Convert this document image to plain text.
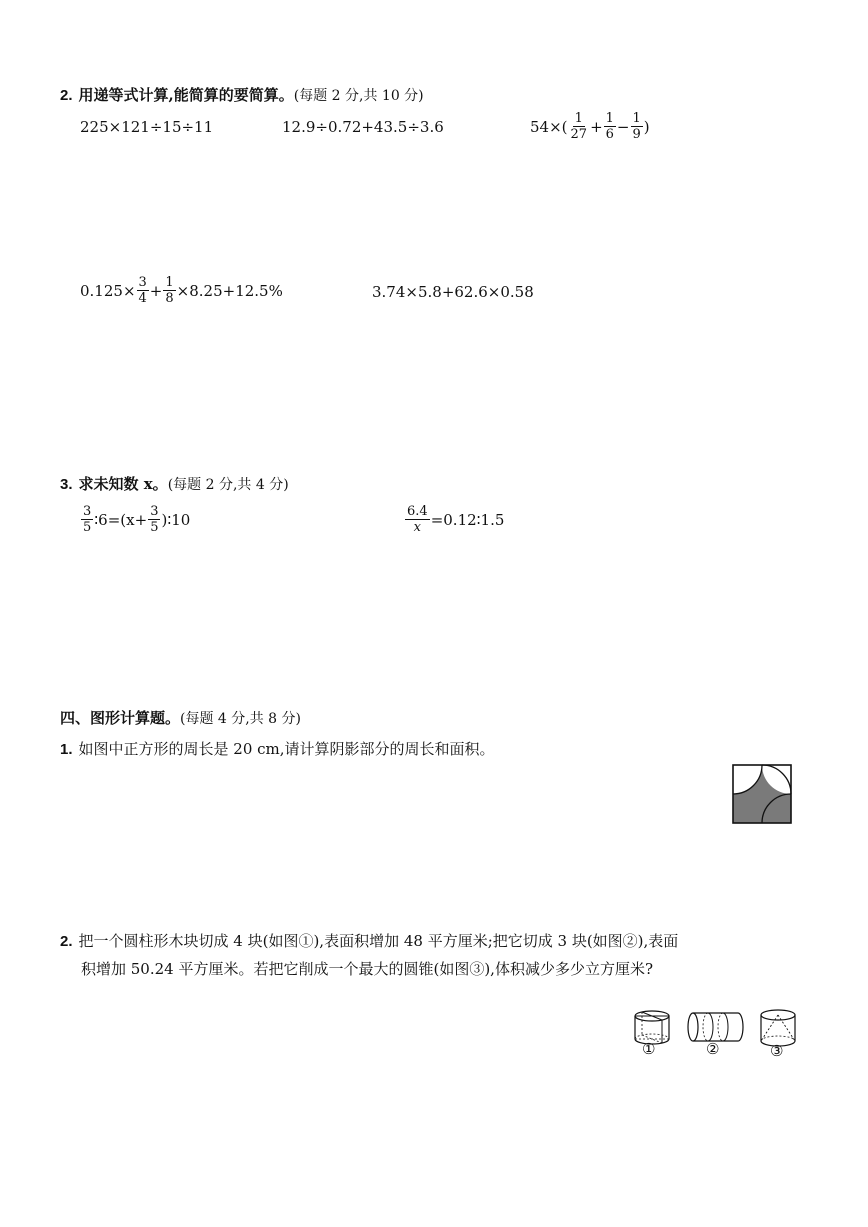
2. 用递等式计算,能简算的要简算。(每题 2 分,共 10 分)
225×121÷15÷11	12.9÷0.72+43.5÷3.6	$54\times( \frac{1}{27} + \frac{1}{6} - \frac{1}{9}$ )
$0.125\times \frac{3}{4} + \frac{1}{8} \times 8.25+12.5\%$	3.74×5.8+62.6×0.58
3. 求未知数 x。(每题 2 分,共 4 分)
$\frac{3}{5}$ ∶6=(x+ $\frac{3}{5}$ )∶10	$\frac{6.4}{x}$ =0.12∶1.5
四、图形计算题。(每题 4 分,共 8 分)
1. 如图中正方形的周长是 20 cm,请计算阴影部分的周长和面积。
2. 把一个圆柱形木块切成 4 块(如图①),表面积增加 48 平方厘米;把它切成 3 块(如图②),表面
积增加 50.24 平方厘米。若把它削成一个最大的圆锥(如图③),体积减少多少立方厘米?
①	②	③
